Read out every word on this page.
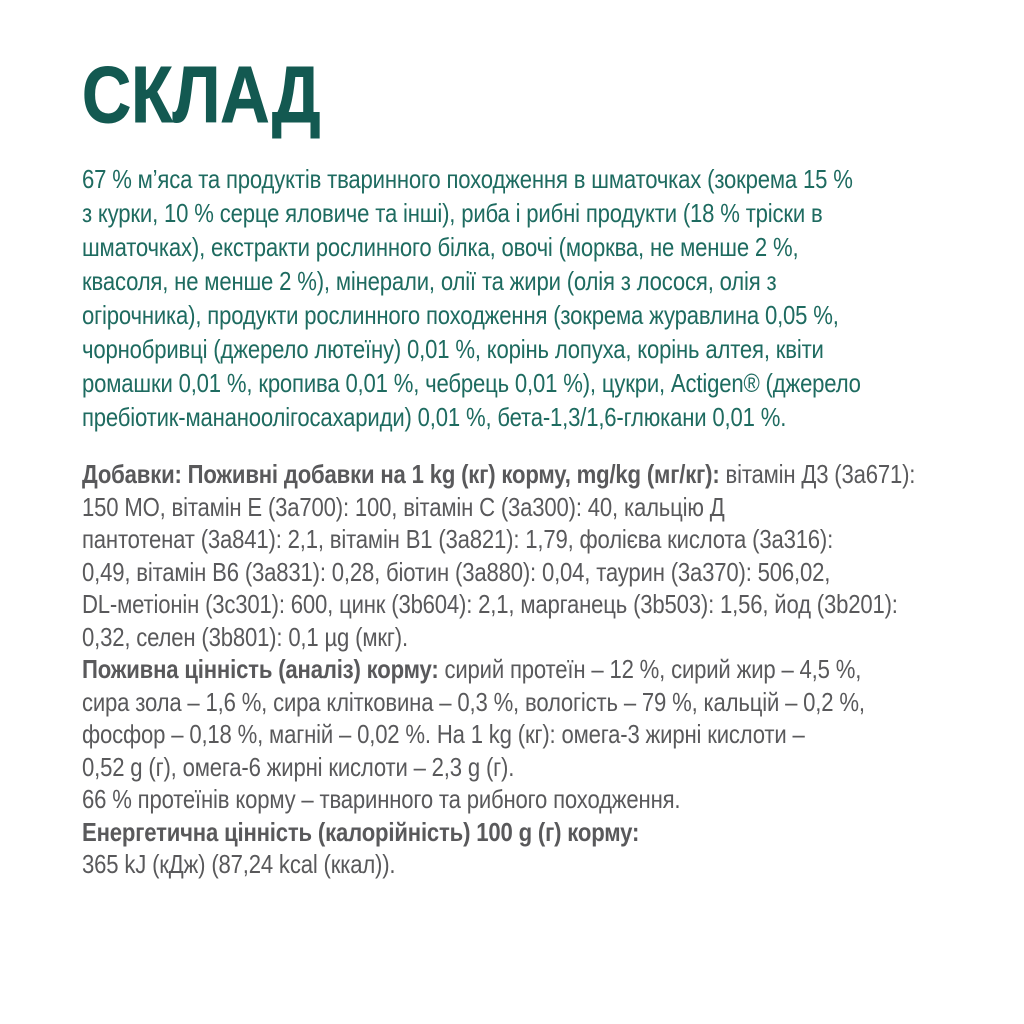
СКЛАД
67 % м’яса та продуктів тваринного походження в шматочках (зокрема 15 %
з курки, 10 % серце яловиче та інші), риба і рибні продукти (18 % тріски в
шматочках), екстракти рослинного білка, овочі (морква, не менше 2 %,
квасоля, не менше 2 %), мінерали, олії та жири (олія з лосося, олія з
огірочника), продукти рослинного походження (зокрема журавлина 0,05 %,
чорнобривці (джерело лютеїну) 0,01 %, корінь лопуха, корінь алтея, квіти
ромашки 0,01 %, кропива 0,01 %, чебрець 0,01 %), цукри, Actigen® (джерело
пребіотик-мананоолігосахариди) 0,01 %, бета-1,3/1,6-глюкани 0,01 %.
Добавки: Поживні добавки на 1 kg (кг) корму, mg/kg (мг/кг): вітамін Д3 (3a671):
150 МО, вітамін Е (3a700): 100, вітамін С (3a300): 40, кальцію Д
пантотенат (3a841): 2,1, вітамін В1 (3a821): 1,79, фолієва кислота (3a316):
0,49, вітамін В6 (3a831): 0,28, біотин (3a880): 0,04, таурин (3a370): 506,02,
DL-метіонін (3c301): 600, цинк (3b604): 2,1, марганець (3b503): 1,56, йод (3b201):
0,32, селен (3b801): 0,1 µg (мкг).
Поживна цінність (аналіз) корму: сирий протеїн – 12 %, сирий жир – 4,5 %,
сира зола – 1,6 %, сира клітковина – 0,3 %, вологість – 79 %, кальцій – 0,2 %,
фосфор – 0,18 %, магній – 0,02 %. На 1 kg (кг): омега-3 жирні кислоти –
0,52 g (г), омега-6 жирні кислоти – 2,3 g (г).
66 % протеїнів корму – тваринного та рибного походження.
Енергетична цінність (калорійність) 100 g (г) корму:
365 kJ (кДж) (87,24 kcal (ккал)).
